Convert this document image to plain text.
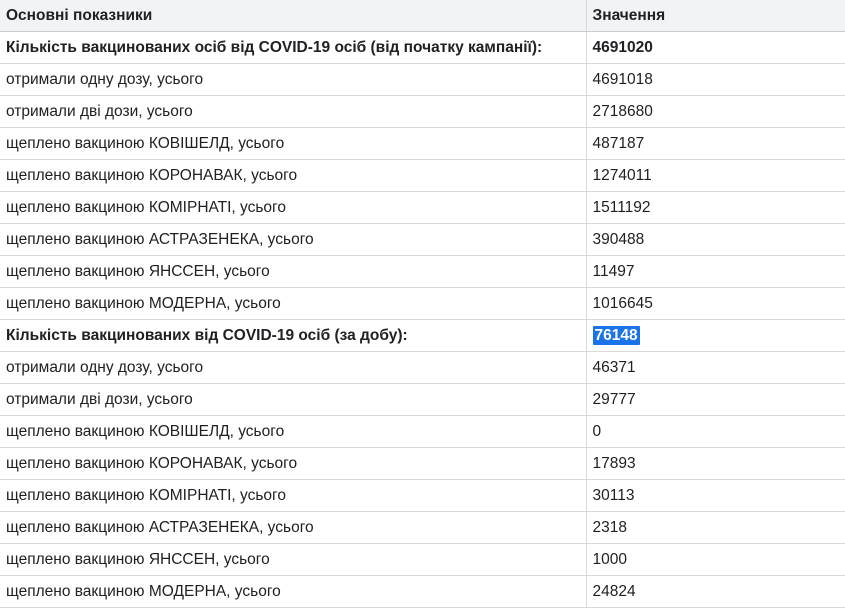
Основні показники	Значення
Кількість вакцинованих осіб від COVID-19 осіб (від початку кампанії):	4691020
отримали одну дозу, усього	4691018
отримали дві дози, усього	2718680
щеплено вакциною КОВІШЕЛД, усього	487187
щеплено вакциною КОРОНАВАК, усього	1274011
щеплено вакциною КОМІРНАТІ, усього	1511192
щеплено вакциною АСТРАЗЕНЕКА, усього	390488
щеплено вакциною ЯНССЕН, усього	11497
щеплено вакциною МОДЕРНА, усього	1016645
Кількість вакцинованих від COVID-19 осіб (за добу):	76148
отримали одну дозу, усього	46371
отримали дві дози, усього	29777
щеплено вакциною КОВІШЕЛД, усього	0
щеплено вакциною КОРОНАВАК, усього	17893
щеплено вакциною КОМІРНАТІ, усього	30113
щеплено вакциною АСТРАЗЕНЕКА, усього	2318
щеплено вакциною ЯНССЕН, усього	1000
щеплено вакциною МОДЕРНА, усього	24824
